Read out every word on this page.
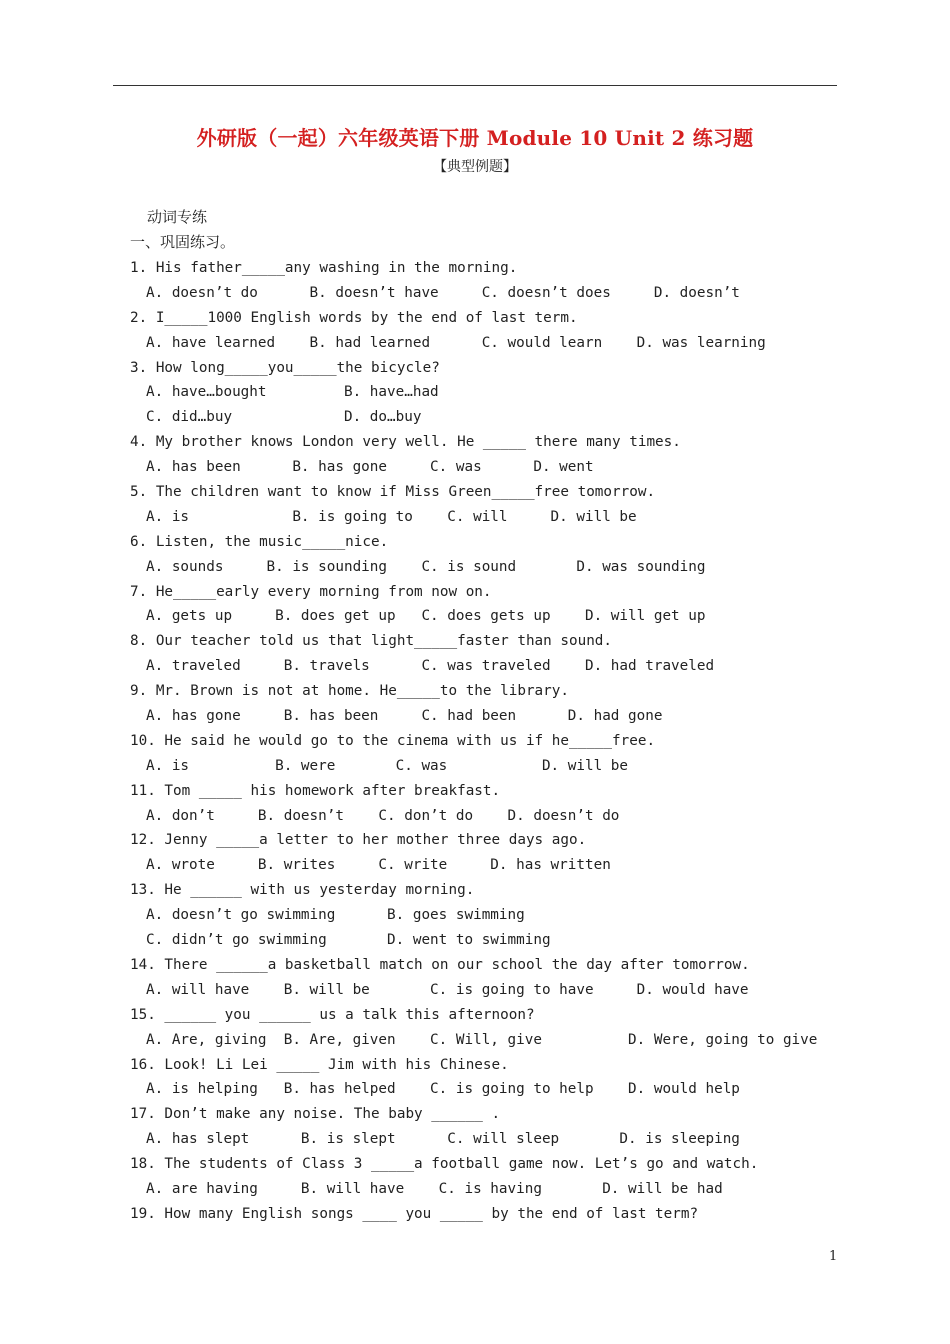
外研版（一起）六年级英语下册 Module 10 Unit 2 练习题
【典型例题】
动词专练
一、巩固练习。
1. His father_____any washing in the morning.
A. doesn’t do      B. doesn’t have     C. doesn’t does     D. doesn’t
2. I_____1000 English words by the end of last term.
A. have learned    B. had learned      C. would learn    D. was learning
3. How long_____you_____the bicycle?
A. have…bought         B. have…had
C. did…buy             D. do…buy
4. My brother knows London very well. He _____ there many times.
A. has been      B. has gone     C. was      D. went
5. The children want to know if Miss Green_____free tomorrow.
A. is            B. is going to    C. will     D. will be
6. Listen, the music_____nice.
A. sounds     B. is sounding    C. is sound       D. was sounding
7. He_____early every morning from now on.
A. gets up     B. does get up   C. does gets up    D. will get up
8. Our teacher told us that light_____faster than sound.
A. traveled     B. travels      C. was traveled    D. had traveled
9. Mr. Brown is not at home. He_____to the library.
A. has gone     B. has been     C. had been      D. had gone
10. He said he would go to the cinema with us if he_____free.
A. is          B. were       C. was           D. will be
11. Tom _____ his homework after breakfast.
A. don’t     B. doesn’t    C. don’t do    D. doesn’t do
12. Jenny _____a letter to her mother three days ago.
A. wrote     B. writes     C. write     D. has written
13. He ______ with us yesterday morning.
A. doesn’t go swimming      B. goes swimming
C. didn’t go swimming       D. went to swimming
14. There ______a basketball match on our school the day after tomorrow.
A. will have    B. will be       C. is going to have     D. would have
15. ______ you ______ us a talk this afternoon?
A. Are, giving  B. Are, given    C. Will, give          D. Were, going to give
16. Look! Li Lei _____ Jim with his Chinese.
A. is helping   B. has helped    C. is going to help    D. would help
17. Don’t make any noise. The baby ______ .
A. has slept      B. is slept      C. will sleep       D. is sleeping
18. The students of Class 3 _____a football game now. Let’s go and watch.
A. are having     B. will have    C. is having       D. will be had
19. How many English songs ____ you _____ by the end of last term?
1
